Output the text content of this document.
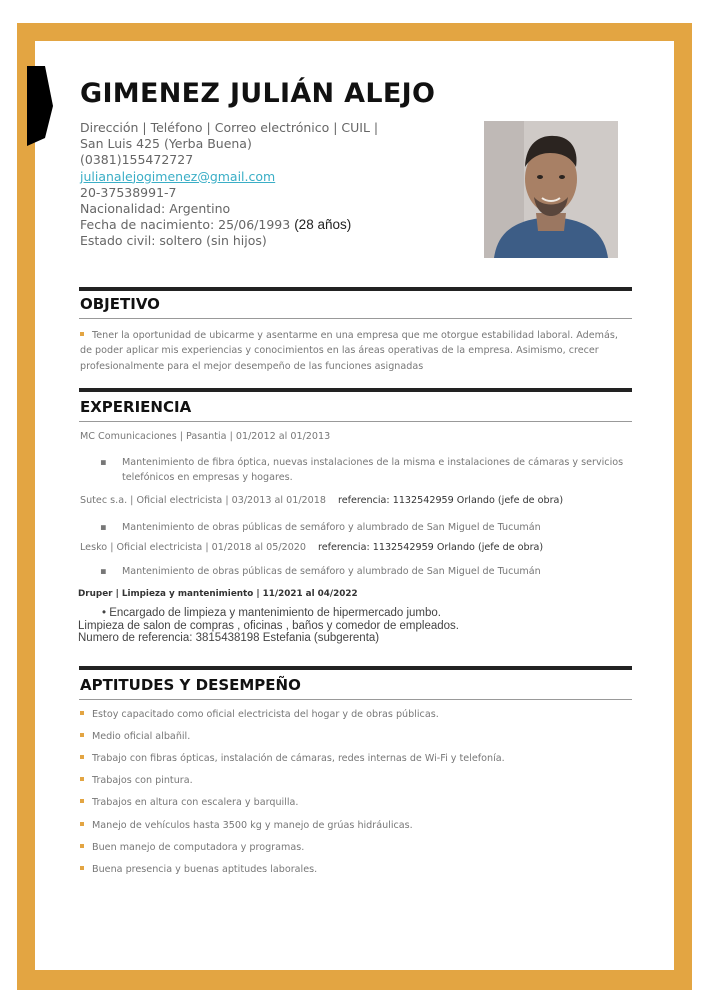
GIMENEZ JULIÁN ALEJO
Dirección | Teléfono | Correo electrónico | CUIL |
San Luis 425 (Yerba Buena)
(0381)155472727
julianalejogimenez@gmail.com
20-37538991-7
Nacionalidad: Argentino
Fecha de nacimiento: 25/06/1993 (28 años)
Estado civil: soltero (sin hijos)
OBJETIVO
Tener la oportunidad de ubicarme y asentarme en una empresa que me otorgue estabilidad laboral. Además, de poder aplicar mis experiencias y conocimientos en las áreas operativas de la empresa. Asimismo, crecer profesionalmente para el mejor desempeño de las funciones asignadas
EXPERIENCIA
MC Comunicaciones | Pasantia | 01/2012 al 01/2013
▪ Mantenimiento de fibra óptica, nuevas instalaciones de la misma e instalaciones de cámaras y servicios telefónicos en empresas y hogares.
Sutec s.a. | Oficial electricista | 03/2013 al 01/2018 referencia: 1132542959 Orlando (jefe de obra)
▪ Mantenimiento de obras públicas de semáforo y alumbrado de San Miguel de Tucumán
Lesko | Oficial electricista | 01/2018 al 05/2020 referencia: 1132542959 Orlando (jefe de obra)
▪ Mantenimiento de obras públicas de semáforo y alumbrado de San Miguel de Tucumán
Druper | Limpieza y mantenimiento | 11/2021 al 04/2022
• Encargado de limpieza y mantenimiento de hipermercado jumbo.
Limpieza de salon de compras , oficinas , baños y comedor de empleados.
Numero de referencia: 3815438198 Estefania (subgerenta)
APTITUDES Y DESEMPEÑO
Estoy capacitado como oficial electricista del hogar y de obras públicas.
Medio oficial albañil.
Trabajo con fibras ópticas, instalación de cámaras, redes internas de Wi-Fi y telefonía.
Trabajos con pintura.
Trabajos en altura con escalera y barquilla.
Manejo de vehículos hasta 3500 kg y manejo de grúas hidráulicas.
Buen manejo de computadora y programas.
Buena presencia y buenas aptitudes laborales.
